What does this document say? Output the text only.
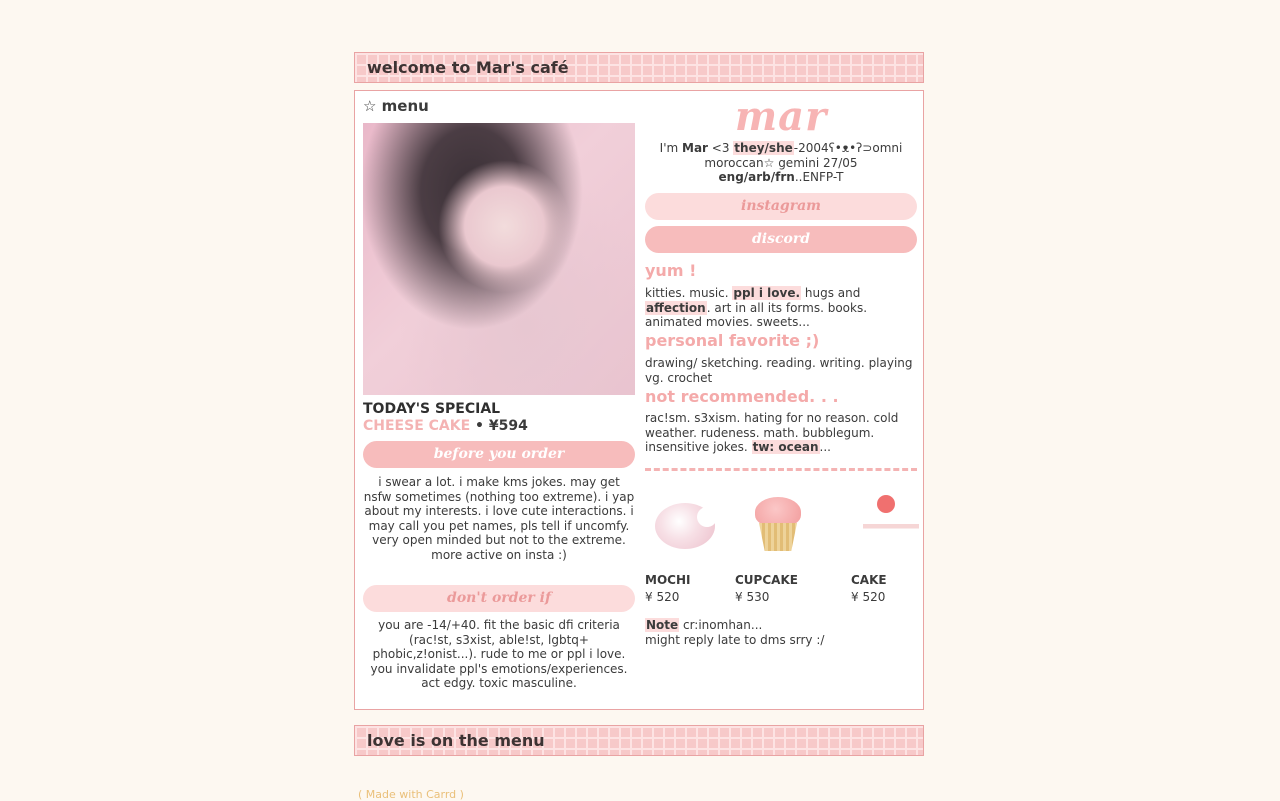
welcome to Mar's café
☆ menu
TODAY'S SPECIAL
CHEESE CAKE • ¥594
before you order
i swear a lot. i make kms jokes. may get nsfw sometimes (nothing too extreme). i yap about my interests. i love cute interactions. i may call you pet names, pls tell if uncomfy. very open minded but not to the extreme. more active on insta :)
don't order if
you are -14/+40. fit the basic dfi criteria (rac!st, s3xist, able!st, lgbtq+ phobic,z!onist...). rude to me or ppl i love. you invalidate ppl's emotions/experiences. act edgy. toxic masculine.
mar
I'm Mar <3 they/she-2004ʕ•ᴥ•ʔ⊃omni
moroccan☆ gemini 27/05
eng/arb/frn..ENFP-T
instagram
discord
yum !
kitties. music. ppl i love. hugs and affection. art in all its forms. books. animated movies. sweets...
personal favorite ;)
drawing/ sketching. reading. writing. playing vg. crochet
not recommended. . .
rac!sm. s3xism. hating for no reason. cold weather. rudeness. math. bubblegum. insensitive jokes. tw: ocean...
MOCHI
¥ 520
CUPCAKE
¥ 530
CAKE
¥ 520
Note cr:inomhan...
might reply late to dms srry :/
love is on the menu
( Made with Carrd )
